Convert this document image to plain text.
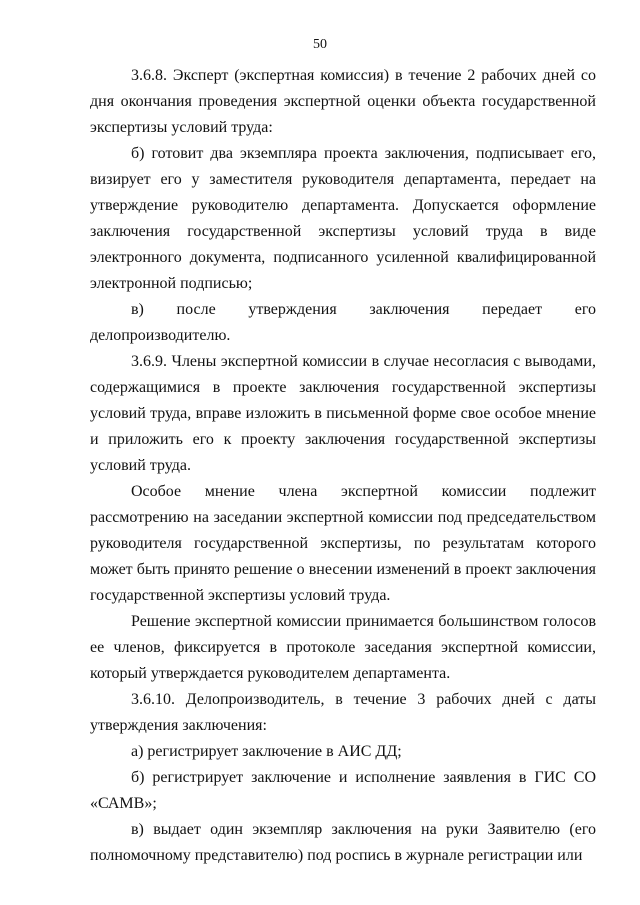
50

3.6.8. Эксперт (экспертная комиссия) в течение 2 рабочих дней со дня окончания проведения экспертной оценки объекта государственной экспертизы условий труда:

б) готовит два экземпляра проекта заключения, подписывает его, визирует его у заместителя руководителя департамента, передает на утверждение руководителю департамента. Допускается оформление заключения государственной экспертизы условий труда в виде электронного документа, подписанного усиленной квалифицированной электронной подписью;

в) после утверждения заключения передает его делопроизводителю.

3.6.9. Члены экспертной комиссии в случае несогласия с выводами, содержащимися в проекте заключения государственной экспертизы условий труда, вправе изложить в письменной форме свое особое мнение и приложить его к проекту заключения государственной экспертизы условий труда.

Особое мнение члена экспертной комиссии подлежит рассмотрению на заседании экспертной комиссии под председательством руководителя государственной экспертизы, по результатам которого может быть принято решение о внесении изменений в проект заключения государственной экспертизы условий труда.

Решение экспертной комиссии принимается большинством голосов ее членов, фиксируется в протоколе заседания экспертной комиссии, который утверждается руководителем департамента.

3.6.10. Делопроизводитель, в течение 3 рабочих дней с даты утверждения заключения:

а) регистрирует заключение в АИС ДД;

б) регистрирует заключение и исполнение заявления в ГИС СО «САМВ»;

в) выдает один экземпляр заключения на руки Заявителю (его полномочному представителю) под роспись в журнале регистрации или
